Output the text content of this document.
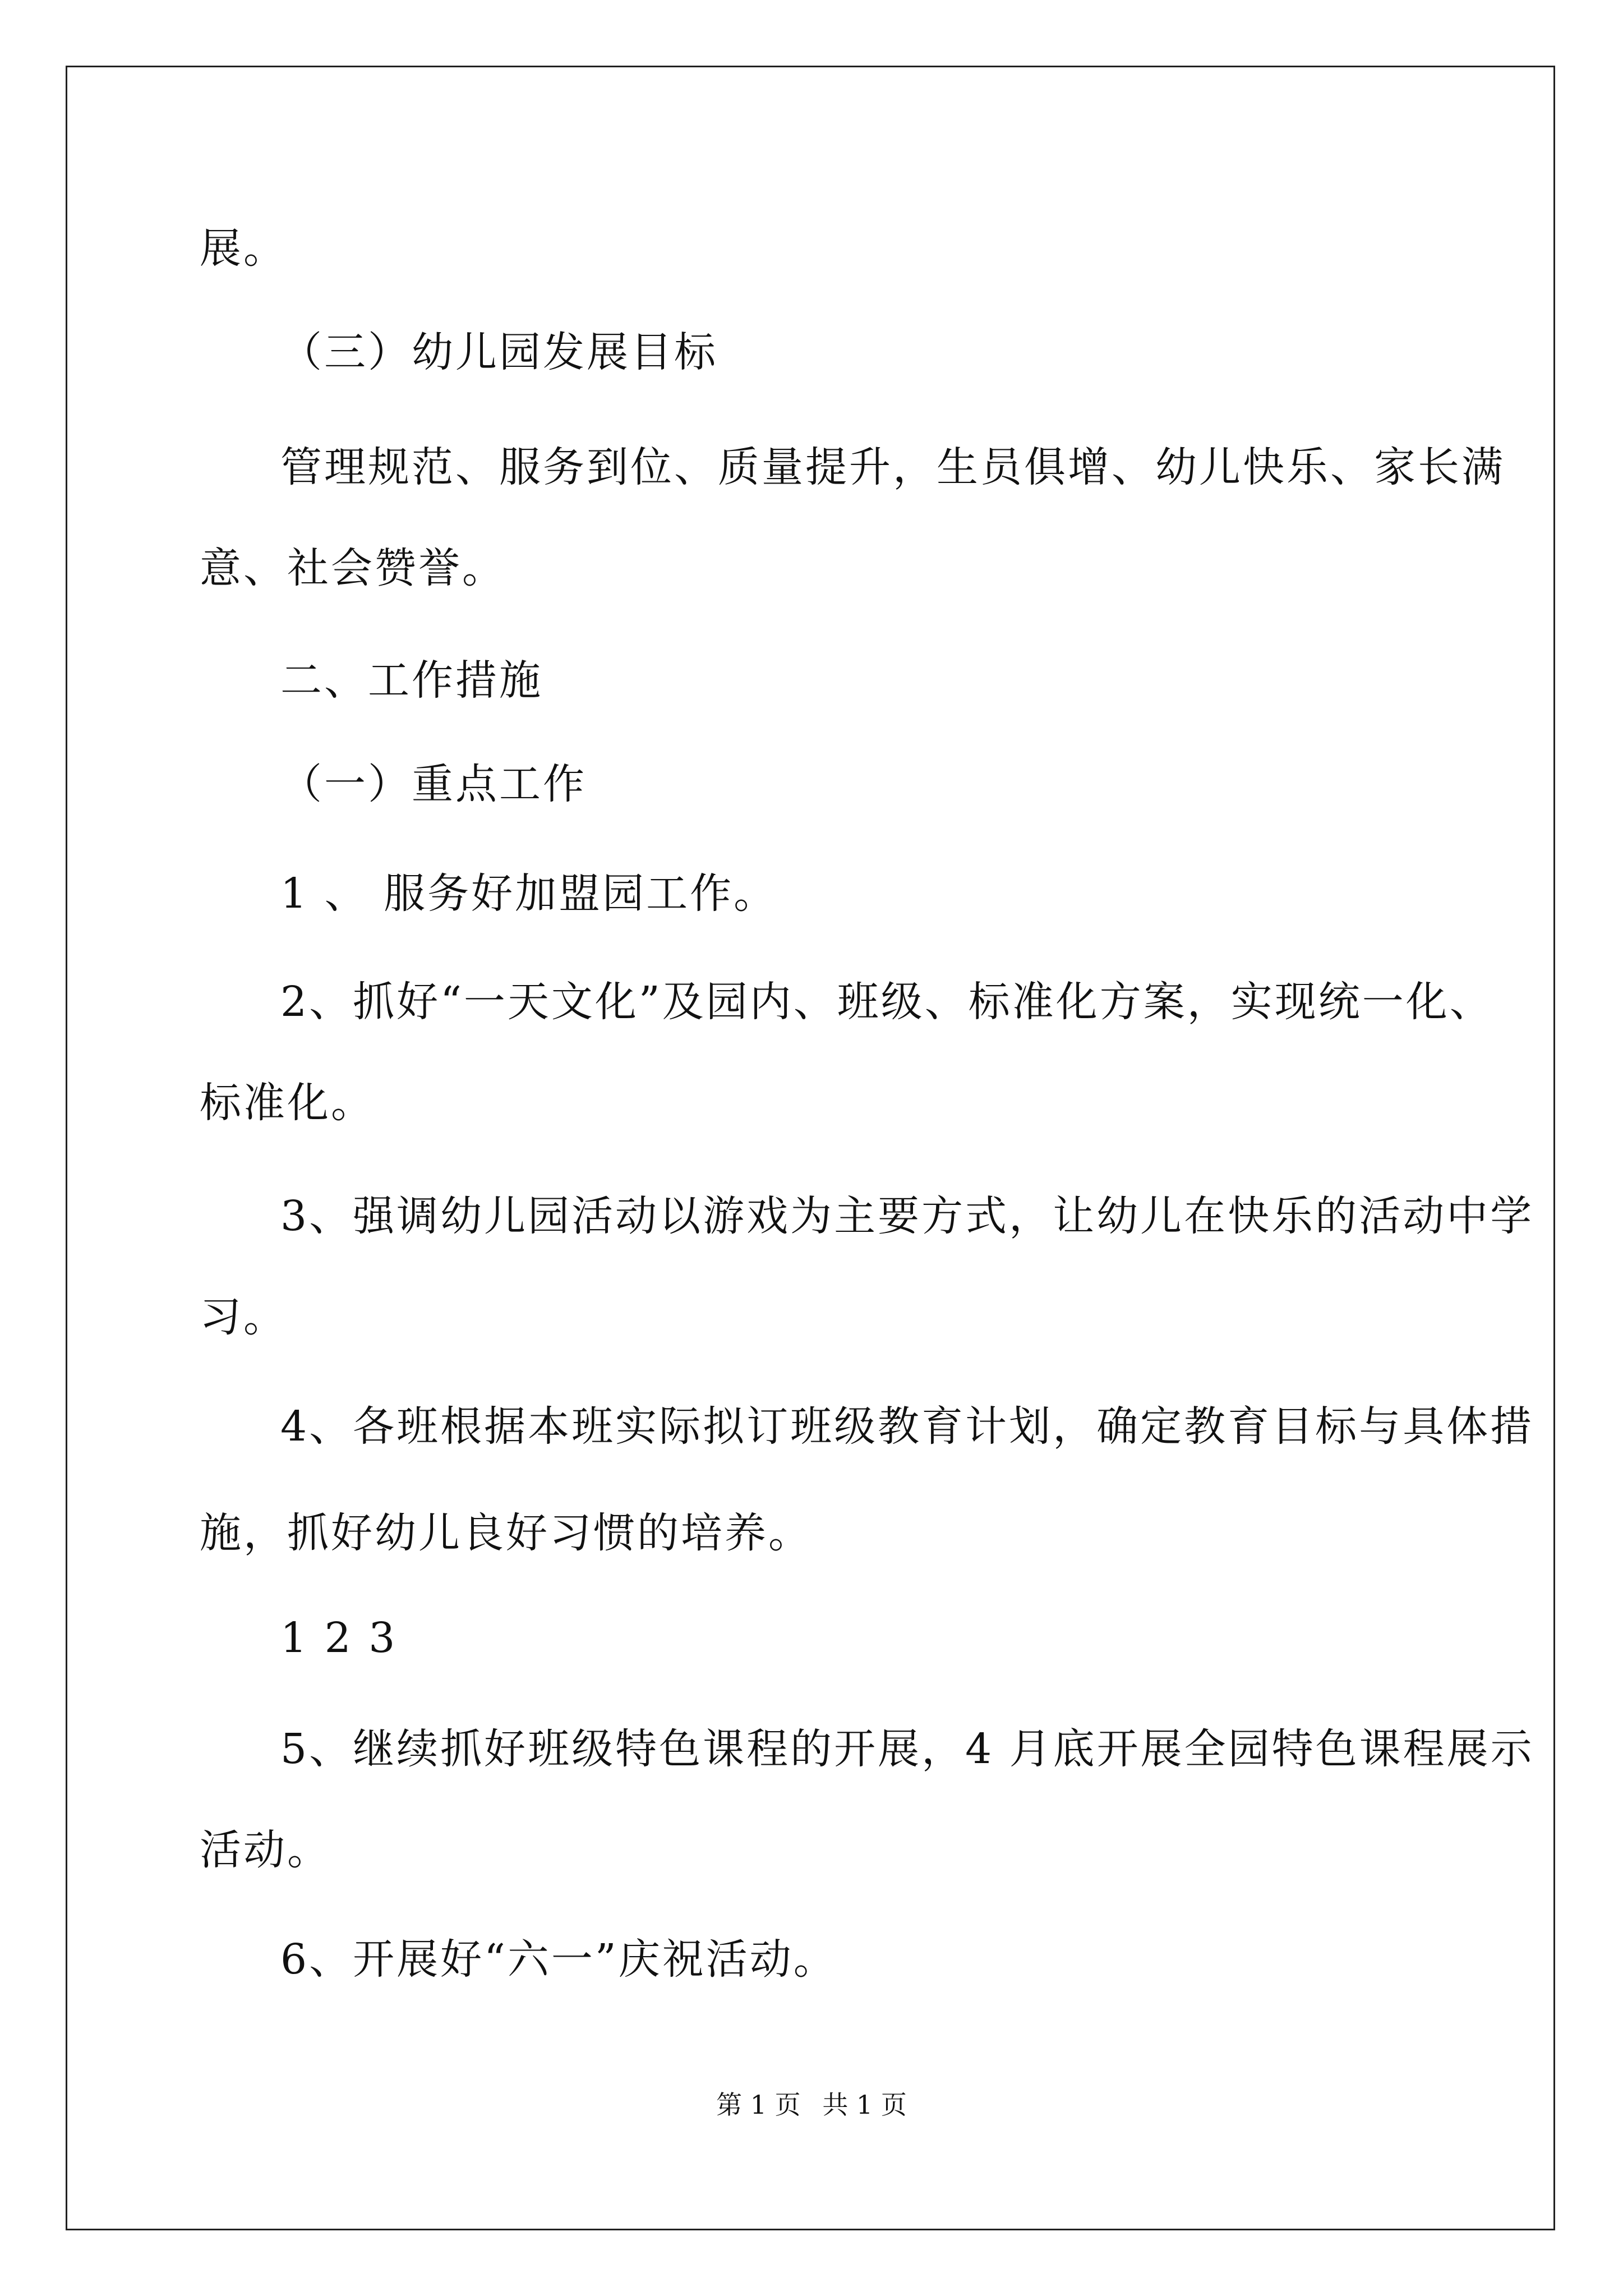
展。
（三）幼儿园发展目标
管理规范、服务到位、质量提升，生员俱增、幼儿快乐、家长满
意、社会赞誉。
二、工作措施
（一）重点工作
1 、 服务好加盟园工作。
2、抓好“一天文化”及园内、班级、标准化方案，实现统一化、
标准化。
3、强调幼儿园活动以游戏为主要方式，让幼儿在快乐的活动中学
习。
4、各班根据本班实际拟订班级教育计划，确定教育目标与具体措
施，抓好幼儿良好习惯的培养。
1 2 3
5、继续抓好班级特色课程的开展，4 月底开展全园特色课程展示
活动。
6、开展好“六一”庆祝活动。
第 1 页 共 1 页
